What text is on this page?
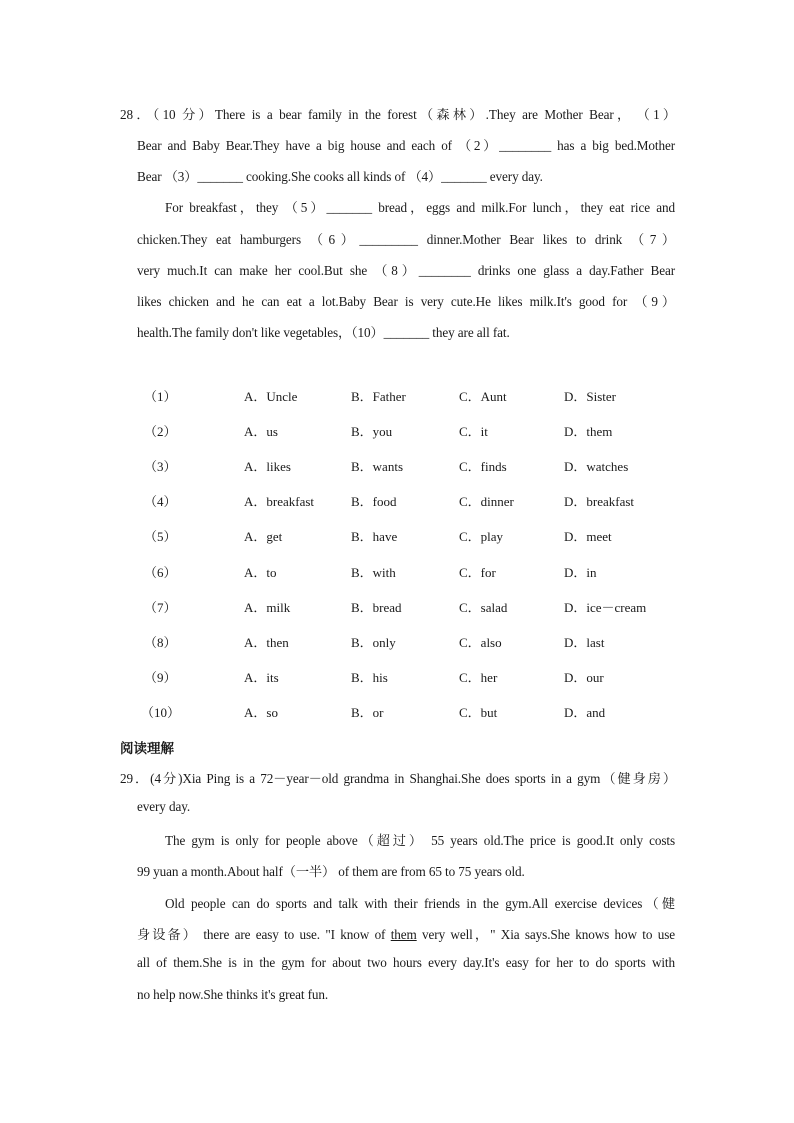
28．（10 分）There is a bear family in the forest（森林）.They are Mother Bear，　（1）
Bear and Baby Bear.They have a big house and each of （2）________ has a big bed.Mother
Bear （3）_______ cooking.She cooks all kinds of （4）_______ every day.
For breakfast，they （5）_______ bread，eggs and milk.For lunch，they eat rice and
chicken.They eat hamburgers （6）_________ dinner.Mother Bear likes to drink （7）
very much.It can make her cool.But she （8）________ drinks one glass a day.Father Bear
likes chicken and he can eat a lot.Baby Bear is very cute.He likes milk.It's good for （9）
health.The family don't like vegetables，（10）_______ they are all fat.
（1）	A．Uncle	B．Father	C．Aunt	D．Sister
（2）	A．us	B．you	C．it	D．them
（3）	A．likes	B．wants	C．finds	D．watches
（4）	A．breakfast	B．food	C．dinner	D．breakfast
（5）	A．get	B．have	C．play	D．meet
（6）	A．to	B．with	C．for	D．in
（7）	A．milk	B．bread	C．salad	D．ice－cream
（8）	A．then	B．only	C．also	D．last
（9）	A．its	B．his	C．her	D．our
（10）	A．so	B．or	C．but	D．and
阅读理解
29．(4分)Xia Ping is a 72－year－old grandma in Shanghai.She does sports in a gym（健身房）
every day.
The gym is only for people above（超过） 55 years old.The price is good.It only costs
99 yuan a month.About half（一半） of them are from 65 to 75 years old.
Old people can do sports and talk with their friends in the gym.All exercise devices（健
身设备） there are easy to use. "I know of them very well，" Xia says.She knows how to use
all of them.She is in the gym for about two hours every day.It's easy for her to do sports with
no help now.She thinks it's great fun.
